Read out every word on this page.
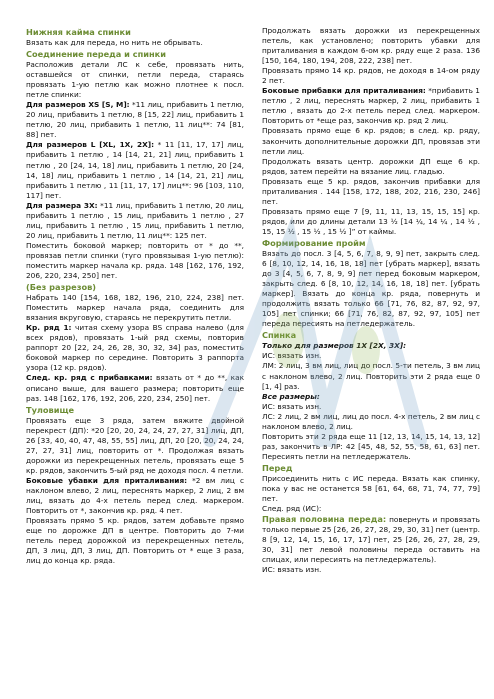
Нижняя кайма спинки

Вязать как для переда, но нить не обрывать.

Соединение переда и спинки

Расположив детали ЛС к себе, провязать нить, оставшейся от спинки, петли переда, стараясь провязать 1-ую петлю как можно плотнее к посл. петле спинки:

Для размеров XS [S, M]: *11 лиц, прибавить 1 петлю, 20 лиц, прибавить 1 петлю, 8 [15, 22] лиц, прибавить 1 петлю, 20 лиц, прибавить 1 петлю, 11 лиц**: 74 [81, 88] пет.

Для размеров L [XL, 1X, 2X]: * 11 [11, 17, 17] лиц, прибавить 1 петлю , 14 [14, 21, 21] лиц, прибавить 1 петлю , 20 [24, 14, 18] лиц, прибавить 1 петлю, 20 [24, 14, 18] лиц, прибавить 1 петлю , 14 [14, 21, 21] лиц, прибавить 1 петлю , 11 [11, 17, 17] лиц**: 96 [103, 110, 117] пет.

Для размера 3X: *11 лиц, прибавить 1 петлю, 20 лиц, прибавить 1 петлю , 15 лиц, прибавить 1 петлю , 27 лиц, прибавить 1 петлю , 15 лиц, прибавить 1 петлю, 20 лиц, прибавить 1 петлю, 11 лиц**: 125 пет.

Поместить боковой маркер; повторить от * до **, провязав петли спинки (туго провязывая 1-ую петлю): поместить маркер начала кр. ряда. 148 [162, 176, 192, 206, 220, 234, 250] пет.

(Без разрезов)

Набрать 140 [154, 168, 182, 196, 210, 224, 238] пет. Поместить маркер начала ряда, соединить для вязания вкруговую, стараясь не перекрутить петли.

Кр. ряд 1: читая схему узора BS справа налево (для всех рядов), провязать 1-ый ряд схемы, повторив раппорт 20 [22, 24, 26, 28, 30, 32, 34] раз, поместить боковой маркер по середине. Повторить 3 раппорта узора (12 кр. рядов).

След. кр. ряд с прибавками: вязать от * до **, как описано выше, для вашего размера; повторить еще раз. 148 [162, 176, 192, 206, 220, 234, 250] пет.

Туловище

Провязать еще 3 ряда, затем вяжите двойной перекрест (ДП): *20 [20, 20, 24, 24, 27, 27, 31] лиц, ДП, 26 [33, 40, 40, 47, 48, 55, 55] лиц, ДП, 20 [20, 20, 24, 24, 27, 27, 31] лиц, повторить от *. Продолжая вязать дорожки из перекрещенных петель, провязать еще 5 кр. рядов, закончить 5-ый ряд не доходя посл. 4 петли.

Боковые убавки для приталивания: *2 вм лиц с наклоном влево, 2 лиц, переснять маркер, 2 лиц, 2 вм лиц, вязать до 4-х петель перед след. маркером. Повторить от *, закончив кр. ряд. 4 пет.

Провязать прямо 5 кр. рядов, затем добавьте прямо еще по дорожке ДП в центре. Повторить до 7-ми петель перед дорожкой из перекрещенных петель, ДП, 3 лиц, ДП, 3 лиц, ДП. Повторить от * еще 3 раза, лиц до конца кр. ряда.

Продолжать вязать дорожки из перекрещенных петель, как установлено; повторить убавки для приталивания в каждом 6-ом кр. ряду еще 2 раза. 136 [150, 164, 180, 194, 208, 222, 238] пет.

Провязать прямо 14 кр. рядов, не доходя в 14-ом ряду 2 пет.

Боковые прибавки для приталивания: *прибавить 1 петлю , 2 лиц, переснять маркер, 2 лиц, прибавить 1 петлю , вязать до 2-х петель перед след. маркером. Повторить от *еще раз, закончив кр. ряд 2 лиц.

Провязать прямо еще 6 кр. рядов; в след. кр. ряду, закончить дополнительные дорожки ДП, провязав эти петли лиц.

Продолжать вязать центр. дорожки ДП еще 6 кр. рядов, затем перейти на вязание лиц. гладью.

Провязать еще 5 кр. рядов, закончив прибавки для приталивания . 144 [158, 172, 188, 202, 216, 230, 246] пет.

Провязать прямо еще 7 [9, 11, 11, 13, 15, 15, 15] кр. рядов, или до длины детали 13 ½ [14 ¼, 14 ¼ , 14 ½ , 15, 15 ½ , 15 ½ , 15 ½ ]” от каймы.

Формирование пройм

Вязать до посл. 3 [4, 5, 6, 7, 8, 9, 9] пет, закрыть след. 6 [8, 10, 12, 14, 16, 18, 18] пет [убрать маркер], вязать до 3 [4, 5, 6, 7, 8, 9, 9] пет перед боковым маркером, закрыть след. 6 [8, 10, 12, 14, 16, 18, 18] пет. [убрать маркер]. Вязать до конца кр. ряда, повернуть и продолжить вязать только 66 [71, 76, 82, 87, 92, 97, 105] пет спинки; 66 [71, 76, 82, 87, 92, 97, 105] пет переда пересиять на петледержатель.

Спинка

Только для размеров 1X [2X, 3X]:

ИС: вязать изн.

ЛМ: 2 лиц, 3 вм лиц, лиц до посл. 5-ти петель, 3 вм лиц с наклоном влево, 2 лиц. Повторить эти 2 ряда еще 0 [1, 4] раз.

Все размеры:

ИС: вязать изн.

ЛС: 2 лиц, 2 вм лиц, лиц до посл. 4-х петель, 2 вм лиц с наклоном влево, 2 лиц.

Повторить эти 2 ряда еще 11 [12, 13, 14, 15, 14, 13, 12] раз, закончить в ЛР: 42 [45, 48, 52, 55, 58, 61, 63] пет. Пересиять петли на петледержатель.

Перед

Присоединить нить с ИС переда. Вязать как спинку, пока у вас не останется 58 [61, 64, 68, 71, 74, 77, 79] пет.

След. ряд (ИС):

Правая половина переда: повернуть и провязать только первые 25 [26, 26, 27, 28, 29, 30, 31] пет (центр. 8 [9, 12, 14, 15, 16, 17, 17] пет, 25 [26, 26, 27, 28, 29, 30, 31] пет левой половины переда оставить на спицах, или пересиять на петледержатель).

ИС: вязать изн.
